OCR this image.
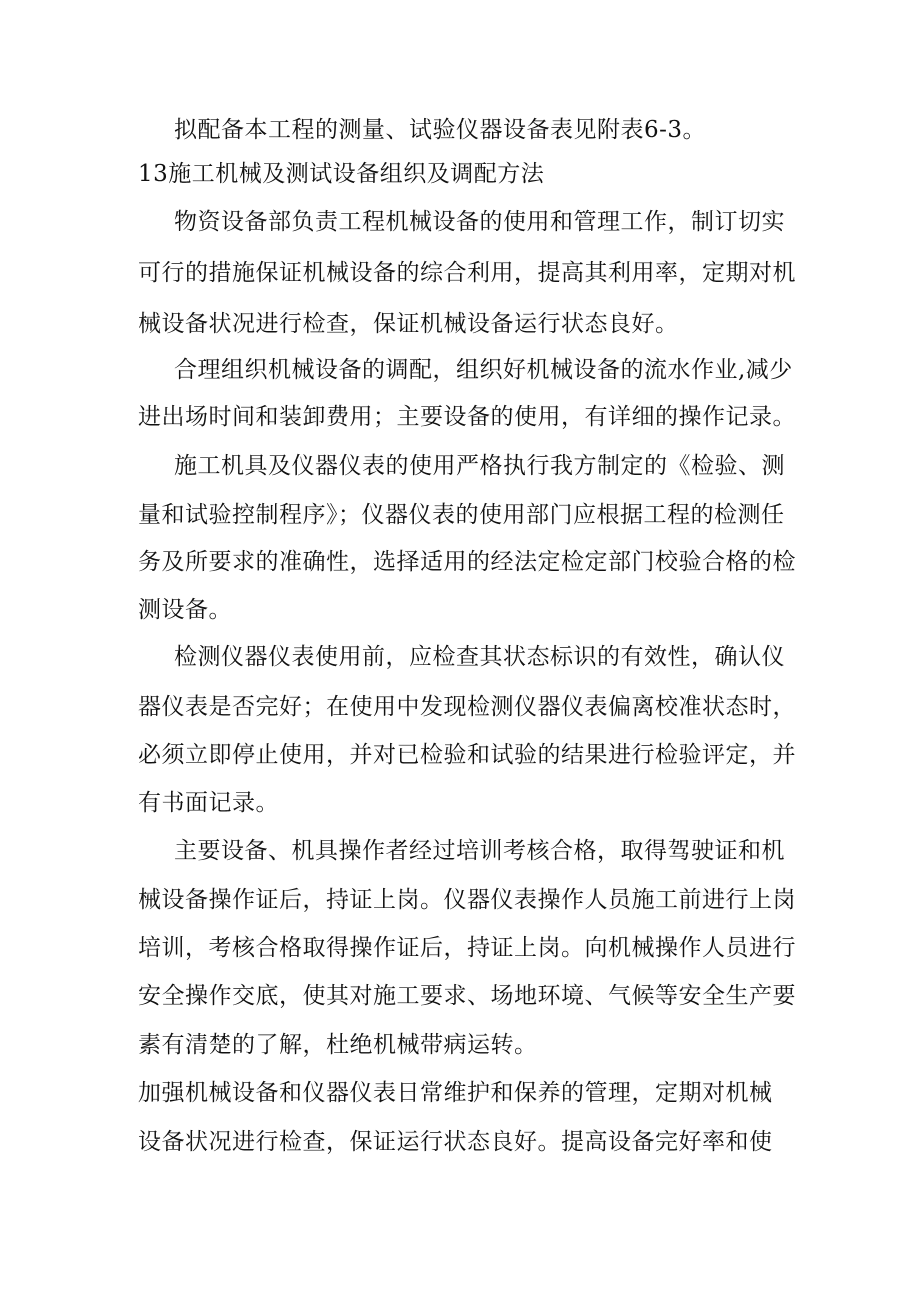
拟配备本工程的测量、试验仪器设备表见附表6-3。
13施工机械及测试设备组织及调配方法
物资设备部负责工程机械设备的使用和管理工作，制订切实
可行的措施保证机械设备的综合利用，提高其利用率，定期对机
械设备状况进行检查，保证机械设备运行状态良好。
合理组织机械设备的调配，组织好机械设备的流水作业,减少
进出场时间和装卸费用；主要设备的使用，有详细的操作记录。
施工机具及仪器仪表的使用严格执行我方制定的《检验、测
量和试验控制程序》；仪器仪表的使用部门应根据工程的检测任
务及所要求的准确性，选择适用的经法定检定部门校验合格的检
测设备。
检测仪器仪表使用前，应检查其状态标识的有效性，确认仪
器仪表是否完好；在使用中发现检测仪器仪表偏离校准状态时，
必须立即停止使用，并对已检验和试验的结果进行检验评定，并
有书面记录。
主要设备、机具操作者经过培训考核合格，取得驾驶证和机
械设备操作证后，持证上岗。仪器仪表操作人员施工前进行上岗
培训，考核合格取得操作证后，持证上岗。向机械操作人员进行
安全操作交底，使其对施工要求、场地环境、气候等安全生产要
素有清楚的了解，杜绝机械带病运转。
加强机械设备和仪器仪表日常维护和保养的管理，定期对机械
设备状况进行检查，保证运行状态良好。提高设备完好率和使
